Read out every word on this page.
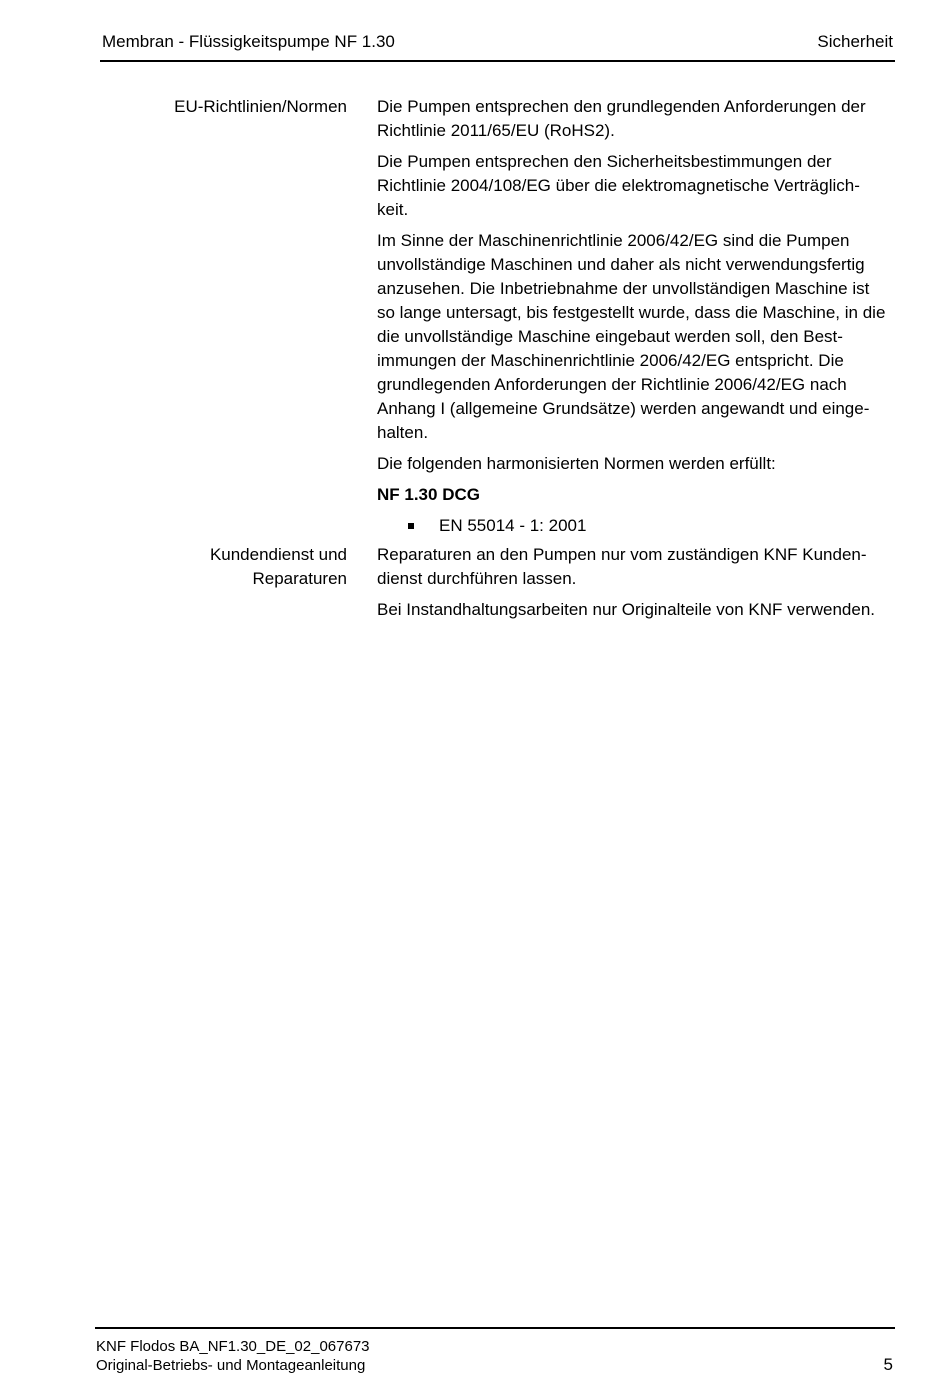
Membran - Flüssigkeitspumpe NF 1.30	Sicherheit
EU-Richtlinien/Normen Die Pumpen entsprechen den grundlegenden Anforderungen der Richtlinie 2011/65/EU (RoHS2).

Die Pumpen entsprechen den Sicherheitsbestimmungen der Richtlinie 2004/108/EG über die elektromagnetische Verträglich-keit.

Im Sinne der Maschinenrichtlinie 2006/42/EG sind die Pumpen unvollständige Maschinen und daher als nicht verwendungsfertig anzusehen. Die Inbetriebnahme der unvollständigen Maschine ist so lange untersagt, bis festgestellt wurde, dass die Maschine, in die die unvollständige Maschine eingebaut werden soll, den Best-immungen der Maschinenrichtlinie 2006/42/EG entspricht. Die grundlegenden Anforderungen der Richtlinie 2006/42/EG nach Anhang I (allgemeine Grundsätze) werden angewandt und einge-halten.

Die folgenden harmonisierten Normen werden erfüllt:

NF 1.30 DCG

EN 55014 - 1: 2001
Kundendienst und
Reparaturen

Reparaturen an den Pumpen nur vom zuständigen KNF Kunden-dienst durchführen lassen.

Bei Instandhaltungsarbeiten nur Originalteile von KNF verwenden.

KNF Flodos BA_NF1.30_DE_02_067673
Original-Betriebs- und Montageanleitung	5
